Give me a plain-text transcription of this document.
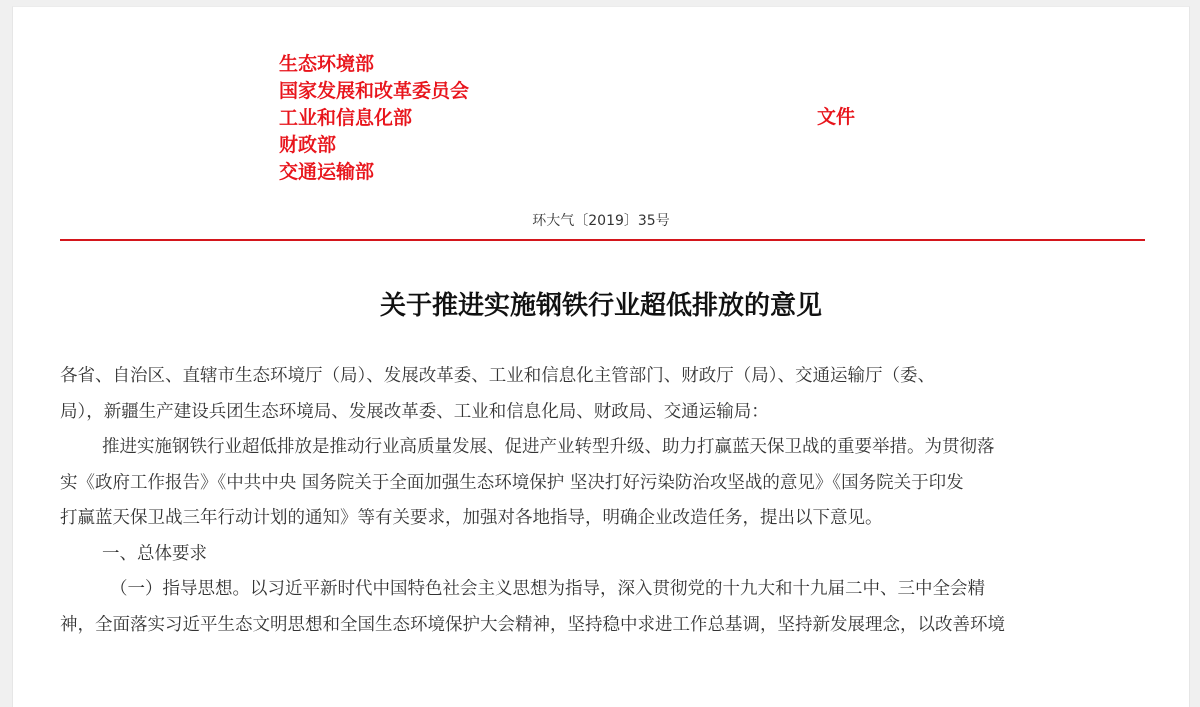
生态环境部
国家发展和改革委员会
工业和信息化部
财政部
交通运输部
文件
环大气〔2019〕35号
关于推进实施钢铁行业超低排放的意见

各省、自治区、直辖市生态环境厅（局）、发展改革委、工业和信息化主管部门、财政厅（局）、交通运输厅（委、

局），新疆生产建设兵团生态环境局、发展改革委、工业和信息化局、财政局、交通运输局：

推进实施钢铁行业超低排放是推动行业高质量发展、促进产业转型升级、助力打赢蓝天保卫战的重要举措。为贯彻落

实《政府工作报告》《中共中央 国务院关于全面加强生态环境保护 坚决打好污染防治攻坚战的意见》《国务院关于印发

打赢蓝天保卫战三年行动计划的通知》等有关要求，加强对各地指导，明确企业改造任务，提出以下意见。

一、总体要求

（一）指导思想。以习近平新时代中国特色社会主义思想为指导，深入贯彻党的十九大和十九届二中、三中全会精

神，全面落实习近平生态文明思想和全国生态环境保护大会精神，坚持稳中求进工作总基调，坚持新发展理念，以改善环境
